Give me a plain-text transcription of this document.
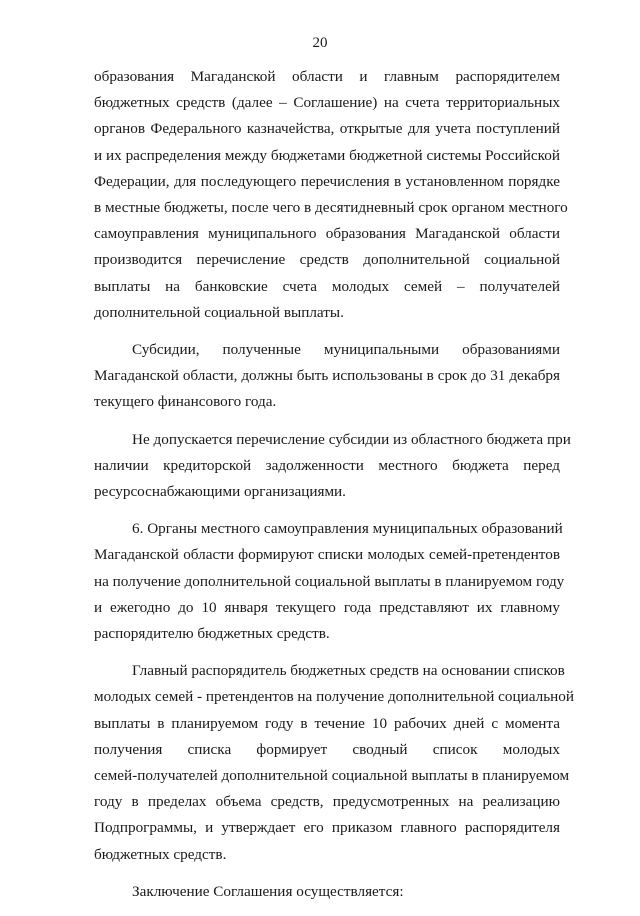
20
образования Магаданской области и главным распорядителем
бюджетных средств (далее – Соглашение) на счета территориальных
органов Федерального казначейства, открытые для учета поступлений
и их распределения между бюджетами бюджетной системы Российской
Федерации, для последующего перечисления в установленном порядке
в местные бюджеты, после чего в десятидневный срок органом местного
самоуправления муниципального образования Магаданской области
производится перечисление средств дополнительной социальной
выплаты на банковские счета молодых семей – получателей
дополнительной социальной выплаты.
Субсидии, полученные муниципальными образованиями
Магаданской области, должны быть использованы в срок до 31 декабря
текущего финансового года.
Не допускается перечисление субсидии из областного бюджета при
наличии кредиторской задолженности местного бюджета перед
ресурсоснабжающими организациями.
6. Органы местного самоуправления муниципальных образований
Магаданской области формируют списки молодых семей-претендентов
на получение дополнительной социальной выплаты в планируемом году
и ежегодно до 10 января текущего года представляют их главному
распорядителю бюджетных средств.
Главный распорядитель бюджетных средств на основании списков
молодых семей - претендентов на получение дополнительной социальной
выплаты в планируемом году в течение 10 рабочих дней с момента
получения списка формирует сводный список молодых
семей-получателей дополнительной социальной выплаты в планируемом
году в пределах объема средств, предусмотренных на реализацию
Подпрограммы, и утверждает его приказом главного распорядителя
бюджетных средств.
Заключение Соглашения осуществляется:
